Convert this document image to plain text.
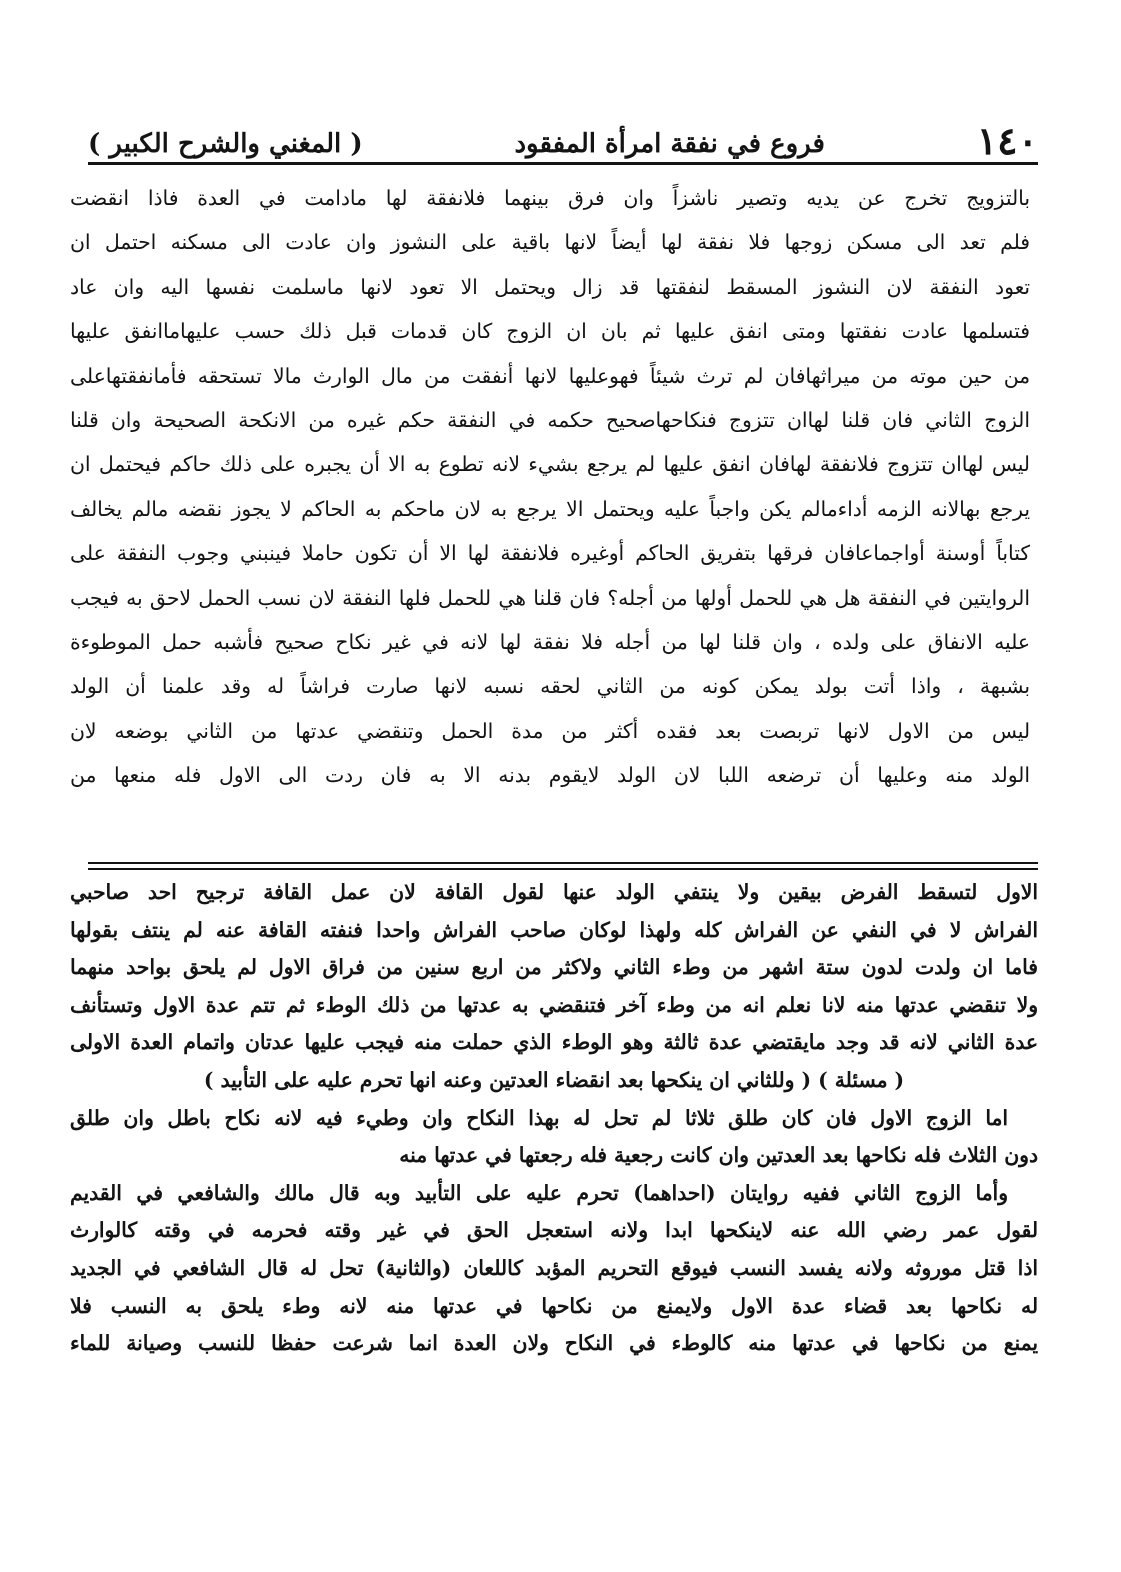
١٤٠
فروع في نفقة امرأة المفقود
( المغني والشرح الكبير )
بالتزويج تخرج عن يديه وتصير ناشزاً وان فرق بينهما فلانفقة لها مادامت في العدة فاذا انقضت
فلم تعد الى مسكن زوجها فلا نفقة لها أيضاً لانها باقية على النشوز وان عادت الى مسكنه احتمل ان
تعود النفقة لان النشوز المسقط لنفقتها قد زال ويحتمل الا تعود لانها ماسلمت نفسها اليه وان عاد
فتسلمها عادت نفقتها ومتى انفق عليها ثم بان ان الزوج كان قدمات قبل ذلك حسب عليهاماانفق عليها
من حين موته من ميراثهافان لم ترث شيئاً فهوعليها لانها أنفقت من مال الوارث مالا تستحقه فأمانفقتهاعلى
الزوج الثاني فان قلنا لهاان تتزوج فنكاحهاصحيح حكمه في النفقة حكم غيره من الانكحة الصحيحة وان قلنا
ليس لهاان تتزوج فلانفقة لهافان انفق عليها لم يرجع بشيء لانه تطوع به الا أن يجبره على ذلك حاكم فيحتمل ان
يرجع بهالانه الزمه أداءمالم يكن واجباً عليه ويحتمل الا يرجع به لان ماحكم به الحاكم لا يجوز نقضه مالم يخالف
كتاباً أوسنة أواجماعافان فرقها بتفريق الحاكم أوغيره فلانفقة لها الا أن تكون حاملا فينبني وجوب النفقة على
الروايتين في النفقة هل هي للحمل أولها من أجله؟ فان قلنا هي للحمل فلها النفقة لان نسب الحمل لاحق به فيجب
عليه الانفاق على ولده ، وان قلنا لها من أجله فلا نفقة لها لانه في غير نكاح صحيح فأشبه حمل الموطوءة
بشبهة ، واذا أتت بولد يمكن كونه من الثاني لحقه نسبه لانها صارت فراشاً له وقد علمنا أن الولد
ليس من الاول لانها تربصت بعد فقده أكثر من مدة الحمل وتنقضي عدتها من الثاني بوضعه لان
الولد منه وعليها أن ترضعه اللبا لان الولد لايقوم بدنه الا به فان ردت الى الاول فله منعها من
الاول لتسقط الفرض بيقين ولا ينتفي الولد عنها لقول القافة لان عمل القافة ترجيح احد صاحبي
الفراش لا في النفي عن الفراش كله ولهذا لوكان صاحب الفراش واحدا فنفته القافة عنه لم ينتف بقولها
فاما ان ولدت لدون ستة اشهر من وطء الثاني ولاكثر من اربع سنين من فراق الاول لم يلحق بواحد منهما
ولا تنقضي عدتها منه لانا نعلم انه من وطء آخر فتنقضي به عدتها من ذلك الوطء ثم تتم عدة الاول وتستأنف
عدة الثاني لانه قد وجد مايقتضي عدة ثالثة وهو الوطء الذي حملت منه فيجب عليها عدتان واتمام العدة الاولى
( مسئلة ) ( وللثاني ان ينكحها بعد انقضاء العدتين وعنه انها تحرم عليه على التأبيد )
اما الزوج الاول فان كان طلق ثلاثا لم تحل له بهذا النكاح وان وطيء فيه لانه نكاح باطل وان طلق
دون الثلاث فله نكاحها بعد العدتين وان كانت رجعية فله رجعتها في عدتها منه
وأما الزوج الثاني ففيه روايتان (احداهما) تحرم عليه على التأبيد وبه قال مالك والشافعي في القديم
لقول عمر رضي الله عنه لاينكحها ابدا ولانه استعجل الحق في غير وقته فحرمه في وقته كالوارث
اذا قتل موروثه ولانه يفسد النسب فيوقع التحريم المؤبد كاللعان (والثانية) تحل له قال الشافعي في الجديد
له نكاحها بعد قضاء عدة الاول ولايمنع من نكاحها في عدتها منه لانه وطء يلحق به النسب فلا
يمنع من نكاحها في عدتها منه كالوطء في النكاح ولان العدة انما شرعت حفظا للنسب وصيانة للماء
